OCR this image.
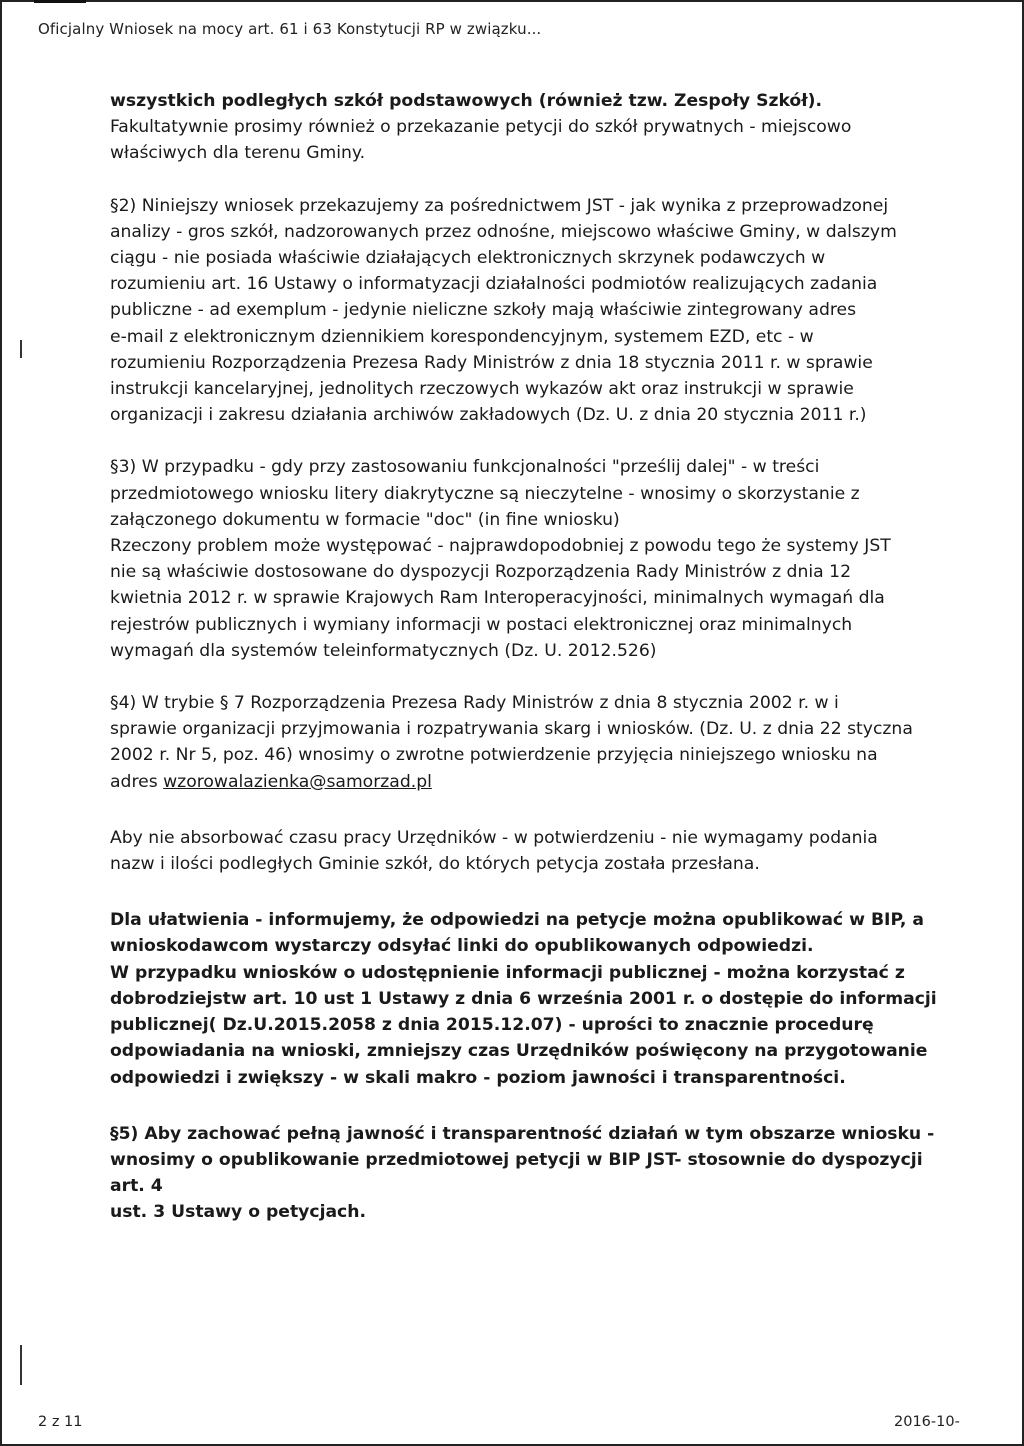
Oficjalny Wniosek na mocy art. 61 i 63 Konstytucji RP w związku...

wszystkich podległych szkół podstawowych (również tzw. Zespoły Szkół).

Fakultatywnie prosimy również o przekazanie petycji do szkół prywatnych - miejscowo

właściwych dla terenu Gminy.

§2) Niniejszy wniosek przekazujemy za pośrednictwem JST - jak wynika z przeprowadzonej

analizy - gros szkół, nadzorowanych przez odnośne, miejscowo właściwe Gminy, w dalszym

ciągu - nie posiada właściwie działających elektronicznych skrzynek podawczych w

rozumieniu art. 16 Ustawy o informatyzacji działalności podmiotów realizujących zadania

publiczne - ad exemplum - jedynie nieliczne szkoły mają właściwie zintegrowany adres

e-mail z elektronicznym dziennikiem korespondencyjnym, systemem EZD, etc - w

rozumieniu Rozporządzenia Prezesa Rady Ministrów z dnia 18 stycznia 2011 r. w sprawie

instrukcji kancelaryjnej, jednolitych rzeczowych wykazów akt oraz instrukcji w sprawie

organizacji i zakresu działania archiwów zakładowych (Dz. U. z dnia 20 stycznia 2011 r.)

§3) W przypadku - gdy przy zastosowaniu funkcjonalności "prześlij dalej" - w treści

przedmiotowego wniosku litery diakrytyczne są nieczytelne - wnosimy o skorzystanie z

załączonego dokumentu w formacie "doc" (in fine wniosku)

Rzeczony problem może występować - najprawdopodobniej z powodu tego że systemy JST

nie są właściwie dostosowane do dyspozycji Rozporządzenia Rady Ministrów z dnia 12

kwietnia 2012 r. w sprawie Krajowych Ram Interoperacyjności, minimalnych wymagań dla

rejestrów publicznych i wymiany informacji w postaci elektronicznej oraz minimalnych

wymagań dla systemów teleinformatycznych (Dz. U. 2012.526)

§4) W trybie § 7 Rozporządzenia Prezesa Rady Ministrów z dnia 8 stycznia 2002 r. w i

sprawie organizacji przyjmowania i rozpatrywania skarg i wniosków. (Dz. U. z dnia 22 styczna

2002 r. Nr 5, poz. 46) wnosimy o zwrotne potwierdzenie przyjęcia niniejszego wniosku na

adres wzorowalazienka@samorzad.pl

Aby nie absorbować czasu pracy Urzędników - w potwierdzeniu - nie wymagamy podania

nazw i ilości podległych Gminie szkół, do których petycja została przesłana.

Dla ułatwienia - informujemy, że odpowiedzi na petycje można opublikować w BIP, a

wnioskodawcom wystarczy odsyłać linki do opublikowanych odpowiedzi.

W przypadku wniosków o udostępnienie informacji publicznej - można korzystać z

dobrodziejstw art. 10 ust 1 Ustawy z dnia 6 września 2001 r. o dostępie do informacji

publicznej( Dz.U.2015.2058 z dnia 2015.12.07) - uprości to znacznie procedurę

odpowiadania na wnioski, zmniejszy czas Urzędników poświęcony na przygotowanie

odpowiedzi i zwiększy - w skali makro - poziom jawności i transparentności.

§5) Aby zachować pełną jawność i transparentność działań w tym obszarze wniosku -

wnosimy o opublikowanie przedmiotowej petycji w BIP JST- stosownie do dyspozycji art. 4

ust. 3 Ustawy o petycjach.

2 z 11	2016-10-
